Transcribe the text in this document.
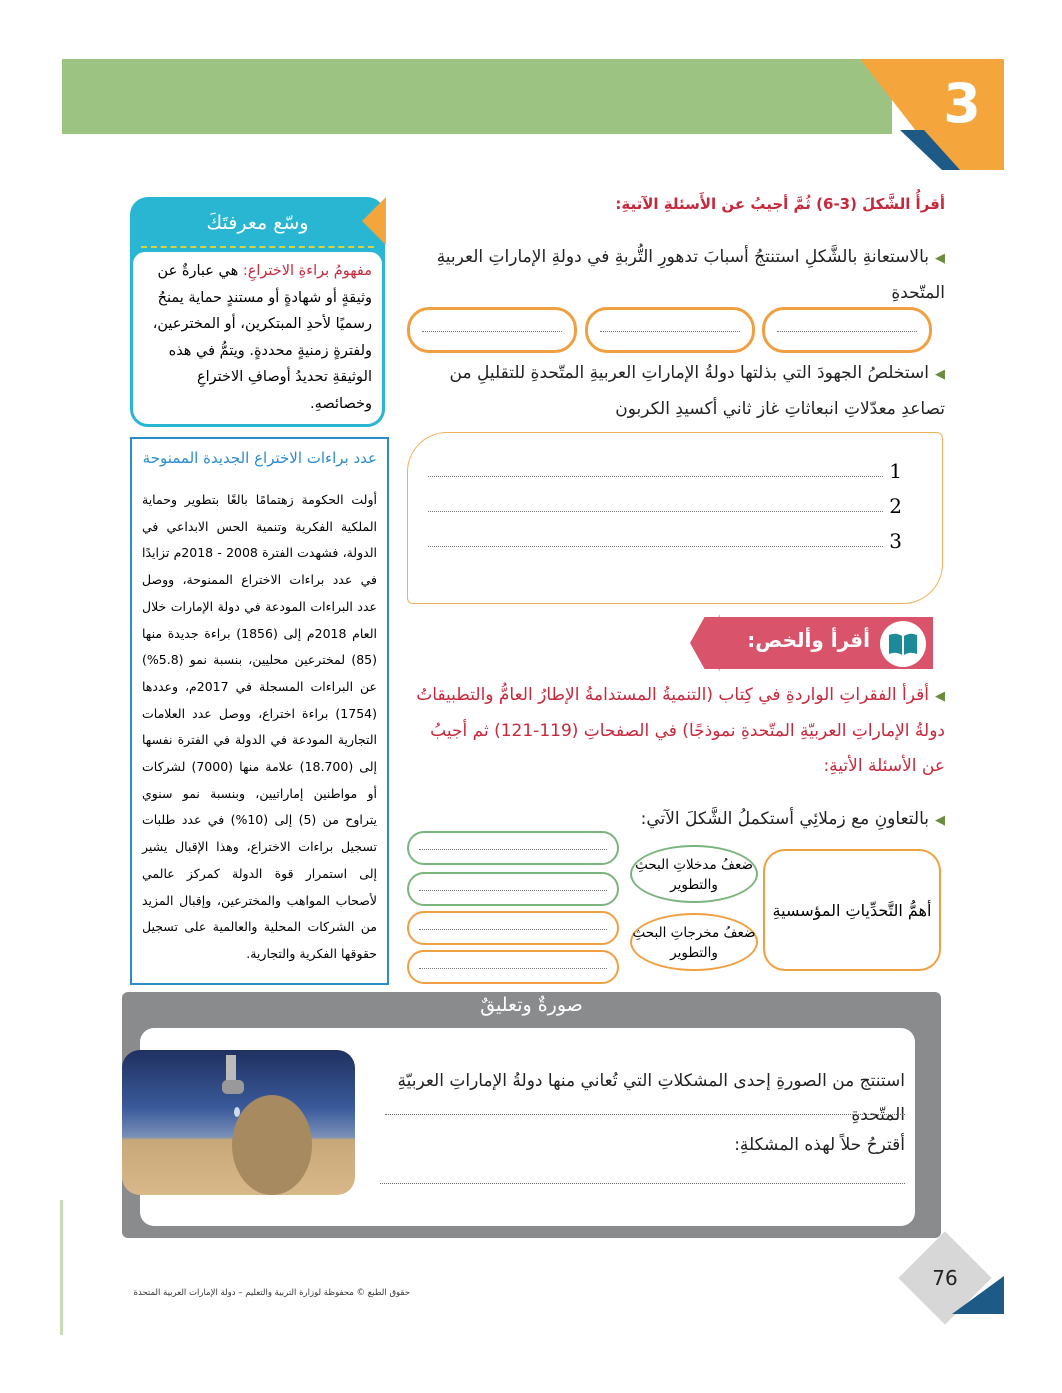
3
أقرأُ الشَّكلَ (3-6) ثُمَّ أجيبُ عن الأَسئلةِ الآتيةِ:
◀بالاستعانةِ بالشَّكلِ استنتجُ أسبابَ تدهورِ التُّربةِ في دولةِ الإماراتِ العربيةِ المتّحدةِ
◀استخلصُ الجهودَ التي بذلتها دولةُ الإماراتِ العربيةِ المتّحدةِ للتقليلِ من تصاعدِ معدّلاتِ انبعاثاتِ غاز ثاني أكسيدِ الكربون
1
2
3
وسّع معرفتَكَ
مفهومُ براءةِ الاختراعِ: هي عبارةٌ عن وثيقةٍ أو شهادةٍ أو مستندٍ حماية يمنحُ رسميًا لأحدِ المبتكرين، أو المخترعين، ولفترةٍ زمنيةٍ محددةٍ. ويتمُّ في هذه الوثيقةِ تحديدُ أوصافِ الاختراعِ وخصائصهِ.
عدد براءات الاختراع الجديدة الممنوحة

أولت الحكومة زهتمامًا بالغًا بتطوير وحماية الملكية الفكرية وتنمية الحس الابداعي في الدولة، فشهدت الفترة 2008 - 2018م تزايدًا في عدد براءات الاختراع الممنوحة، ووصل عدد البراءات المودعة في دولة الإمارات خلال العام 2018م إلى (1856) براءة جديدة منها (85) لمخترعين محليين، بنسبة نمو (5.8%) عن البراءات المسجلة في 2017م، وعددها (1754) براءة اختراع، ووصل عدد العلامات التجارية المودعة في الدولة في الفترة نفسها إلى (18.700) علامة منها (7000) لشركات أو مواطنين إماراتيين، وبنسبة نمو سنوي يتراوح من (5) إلى (10%) في عدد طلبات تسجيل براءات الاختراع، وهذا الإقبال يشير إلى استمرار قوة الدولة كمركز عالمي لأصحاب المواهب والمخترعين، وإقبال المزيد من الشركات المحلية والعالمية على تسجيل حقوقها الفكرية والتجارية.

أقرأ وألخص:
◀أقرأ الفقراتِ الواردةِ في كِتاب (التنميةُ المستدامةُ الإطارُ العامُّ والتطبيقاتُ دولةُ الإماراتِ العربيّةِ المتّحدةِ نموذجًا) في الصفحاتِ (119-121) ثم أجيبُ عن الأسئلة الأتيةِ:
◀بالتعاونِ مع زملائِي أستكملُ الشَّكلَ الآتي:
ضعفُ مدخلاتِ البحثِ والتطوير
ضعفُ مخرجاتِ البحثِ والتطوير
أهمُّ التَّحدِّياتِ المؤسسيةِ
صورةٌ وتعليقٌ
استنتج من الصورةِ إحدى المشكلاتِ التي تُعاني منها دولةُ الإماراتِ العربيّةِ المتّحدةِ
أقترحُ حلاً لهذه المشكلةِ:
76
حقوق الطبع © محفوظة لوزارة التربية والتعليم – دولة الإمارات العربية المتحدة
